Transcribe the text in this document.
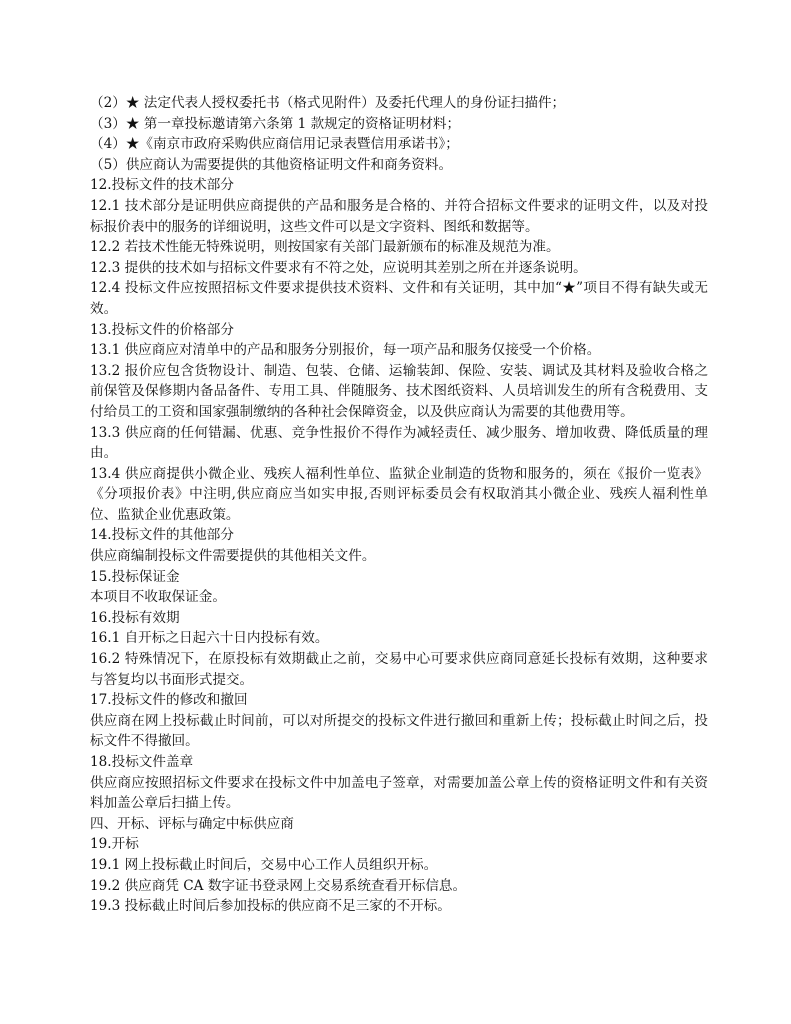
（2）★ 法定代表人授权委托书（格式见附件）及委托代理人的身份证扫描件；
（3）★ 第一章投标邀请第六条第 1 款规定的资格证明材料；
（4）★《南京市政府采购供应商信用记录表暨信用承诺书》；
（5）供应商认为需要提供的其他资格证明文件和商务资料。
12.投标文件的技术部分

12.1 技术部分是证明供应商提供的产品和服务是合格的、并符合招标文件要求的证明文件，以及对投标报价表中的服务的详细说明，这些文件可以是文字资料、图纸和数据等。

12.2 若技术性能无特殊说明，则按国家有关部门最新颁布的标准及规范为准。

12.3 提供的技术如与招标文件要求有不符之处，应说明其差别之所在并逐条说明。

12.4 投标文件应按照招标文件要求提供技术资料、文件和有关证明，其中加“★”项目不得有缺失或无效。

13.投标文件的价格部分

13.1 供应商应对清单中的产品和服务分别报价，每一项产品和服务仅接受一个价格。

13.2 报价应包含货物设计、制造、包装、仓储、运输装卸、保险、安装、调试及其材料及验收合格之前保管及保修期内备品备件、专用工具、伴随服务、技术图纸资料、人员培训发生的所有含税费用、支付给员工的工资和国家强制缴纳的各种社会保障资金，以及供应商认为需要的其他费用等。

13.3 供应商的任何错漏、优惠、竞争性报价不得作为减轻责任、减少服务、增加收费、降低质量的理由。

13.4 供应商提供小微企业、残疾人福利性单位、监狱企业制造的货物和服务的，须在《报价一览表》《分项报价表》中注明,供应商应当如实申报,否则评标委员会有权取消其小微企业、残疾人福利性单位、监狱企业优惠政策。

14.投标文件的其他部分

供应商编制投标文件需要提供的其他相关文件。

15.投标保证金

本项目不收取保证金。

16.投标有效期

16.1 自开标之日起六十日内投标有效。

16.2 特殊情况下，在原投标有效期截止之前，交易中心可要求供应商同意延长投标有效期，这种要求与答复均以书面形式提交。

17.投标文件的修改和撤回

供应商在网上投标截止时间前，可以对所提交的投标文件进行撤回和重新上传；投标截止时间之后，投标文件不得撤回。

18.投标文件盖章

供应商应按照招标文件要求在投标文件中加盖电子签章，对需要加盖公章上传的资格证明文件和有关资料加盖公章后扫描上传。

四、开标、评标与确定中标供应商
19.开标

19.1 网上投标截止时间后，交易中心工作人员组织开标。

19.2 供应商凭 CA 数字证书登录网上交易系统查看开标信息。

19.3 投标截止时间后参加投标的供应商不足三家的不开标。
